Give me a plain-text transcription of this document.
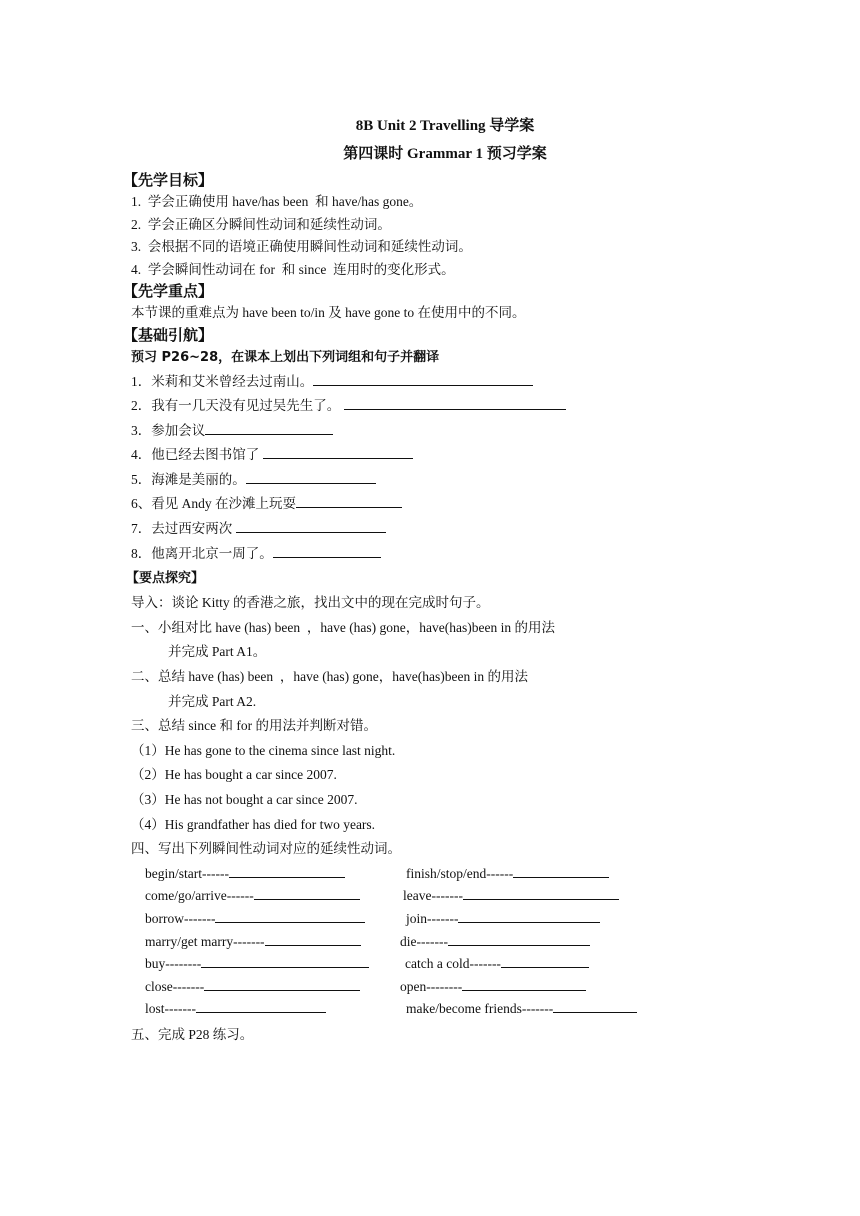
8B Unit 2 Travelling 导学案
第四课时 Grammar 1 预习学案
【先学目标】
1.  学会正确使用 have/has been  和 have/has gone。
2.  学会正确区分瞬间性动词和延续性动词。
3.  会根据不同的语境正确使用瞬间性动词和延续性动词。
4.  学会瞬间性动词在 for  和 since  连用时的变化形式。
【先学重点】
本节课的重难点为 have been to/in 及 have gone to 在使用中的不同。
【基础引航】
预习 P26~28，在课本上划出下列词组和句子并翻译
1．米莉和艾米曾经去过南山。
2．我有一几天没有见过吴先生了。
3．参加会议
4．他已经去图书馆了
5．海滩是美丽的。
6、看见 Andy 在沙滩上玩耍
7．去过西安两次
8．他离开北京一周了。
【要点探究】
导入：谈论 Kitty 的香港之旅，找出文中的现在完成时句子。
一、小组对比 have (has) been  ，have (has) gone，have(has)been in 的用法
并完成 Part A1。
二、总结 have (has) been  ，have (has) gone，have(has)been in 的用法
并完成 Part A2.
三、总结 since 和 for 的用法并判断对错。
（1）He has gone to the cinema since last night.
（2）He has bought a car since 2007.
（3）He has not bought a car since 2007.
（4）His grandfather has died for two years.
四、写出下列瞬间性动词对应的延续性动词。
begin/start------
come/go/arrive------
borrow-------
marry/get marry-------
buy--------
close-------
lost-------
finish/stop/end------
leave-------
join-------
die-------
catch a cold-------
open--------
make/become friends-------
五、完成 P28 练习。
